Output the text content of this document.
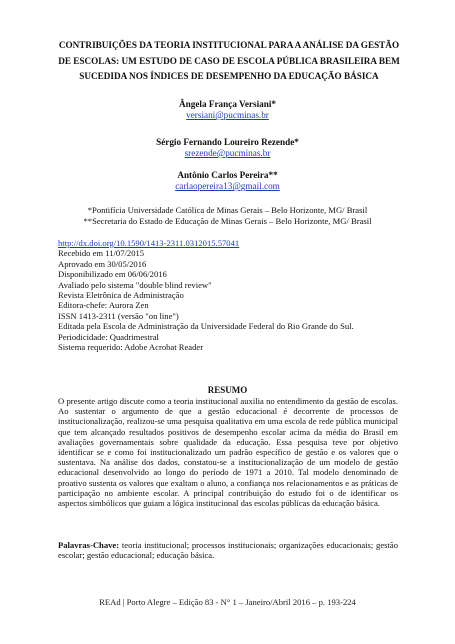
CONTRIBUIÇÕES DA TEORIA INSTITUCIONAL PARA A ANÁLISE DA GESTÃO
DE ESCOLAS: UM ESTUDO DE CASO DE ESCOLA PÚBLICA BRASILEIRA BEM
SUCEDIDA NOS ÍNDICES DE DESEMPENHO DA EDUCAÇÃO BÁSICA
Ângela França Versiani*
versiani@pucminas.br
Sérgio Fernando Loureiro Rezende*
srezende@pucminas.br
Antônio Carlos Pereira**
carlaopereira13@gmail.com
*Pontifícia Universidade Católica de Minas Gerais – Belo Horizonte, MG/ Brasil
**Secretaria do Estado de Educação de Minas Gerais – Belo Horizonte, MG/ Brasil
http://dx.doi.org/10.1590/1413-2311.0312015.57041
Recebido em 11/07/2015
Aprovado em 30/05/2016
Disponibilizado em 06/06/2016
Avaliado pelo sistema "double blind review"
Revista Eletrônica de Administração
Editora-chefe: Aurora Zen
ISSN 1413-2311 (versão "on line")
Editada pela Escola de Administração da Universidade Federal do Rio Grande do Sul.
Periodicidade: Quadrimestral
Sistema requerido: Adobe Acrobat Reader
RESUMO
O presente artigo discute como a teoria institucional auxilia no entendimento da gestão de escolas. Ao sustentar o argumento de que a gestão educacional é decorrente de processos de institucionalização, realizou-se uma pesquisa qualitativa em uma escola de rede pública municipal que tem alcançado resultados positivos de desempenho escolar acima da média do Brasil em avaliações governamentais sobre qualidade da educação. Essa pesquisa teve por objetivo identificar se e como foi institucionalizado um padrão específico de gestão e os valores que o sustentava. Na análise dos dados, constatou-se a institucionalização de um modelo de gestão educacional desenvolvido ao longo do período de 1971 a 2010. Tal modelo denominado de proativo sustenta os valores que exaltam o aluno, a confiança nos relacionamentos e as práticas de participação no ambiente escolar. A principal contribuição do estudo foi o de identificar os aspectos simbólicos que guiam a lógica institucional das escolas públicas da educação básica.
Palavras-Chave: teoria institucional; processos institucionais; organizações educacionais; gestão escolar; gestão educacional; educação básica.
REAd | Porto Alegre – Edição 83 - N° 1 – Janeiro/Abril 2016 – p. 193-224
